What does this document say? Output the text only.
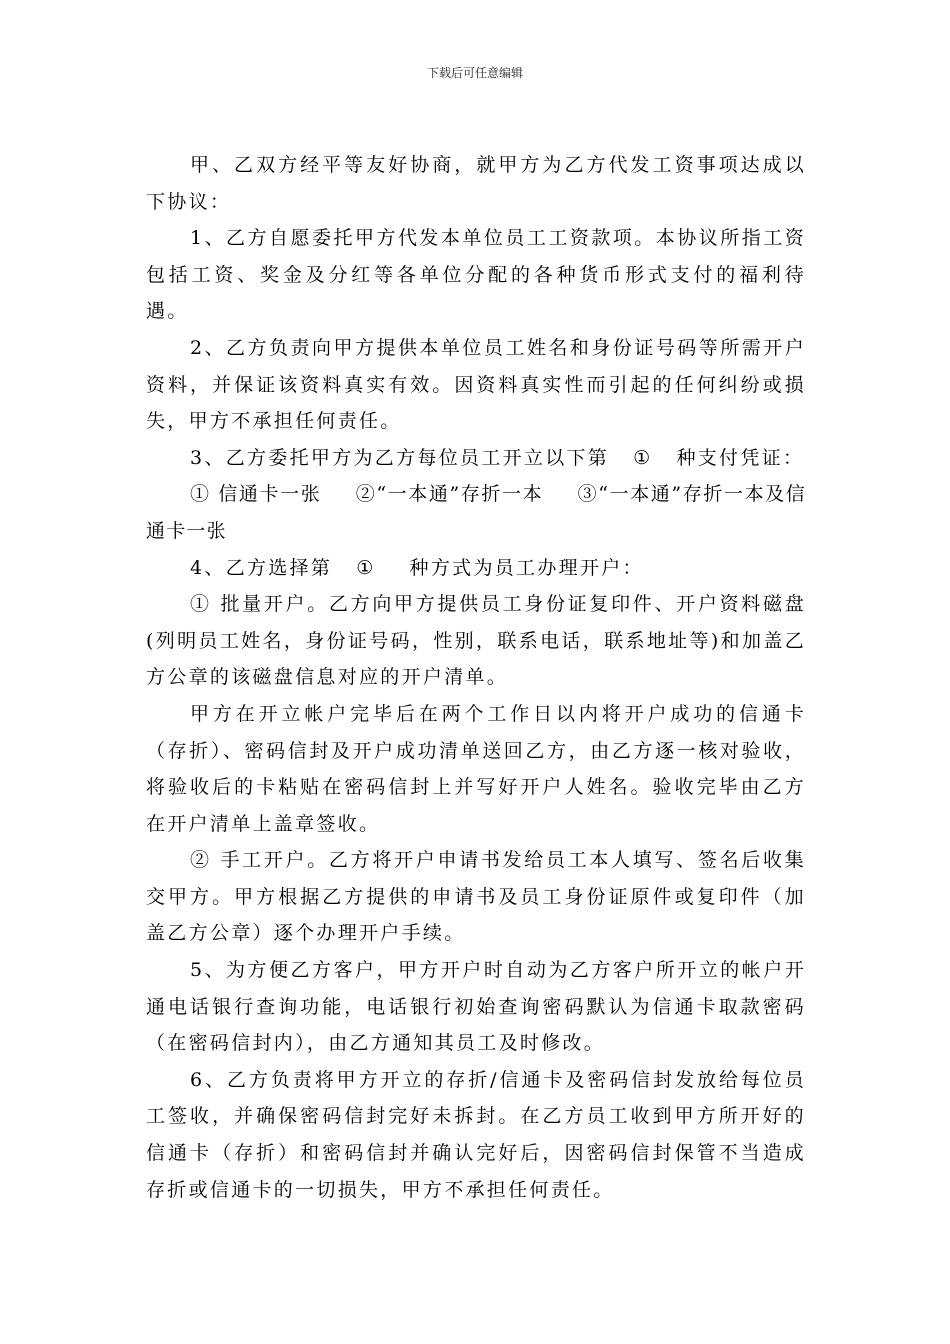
下载后可任意编辑

甲、乙双方经平等友好协商，就甲方为乙方代发工资事项达成以下协议：

1、乙方自愿委托甲方代发本单位员工工资款项。本协议所指工资包括工资、奖金及分红等各单位分配的各种货币形式支付的福利待遇。

2、乙方负责向甲方提供本单位员工姓名和身份证号码等所需开户资料，并保证该资料真实有效。因资料真实性而引起的任何纠纷或损失，甲方不承担任何责任。

3、乙方委托甲方为乙方每位员工开立以下第 ① 种支付凭证：

① 信通卡一张 ②“一本通”存折一本 ③“一本通”存折一本及信通卡一张

4、乙方选择第 ① 种方式为员工办理开户：

① 批量开户。乙方向甲方提供员工身份证复印件、开户资料磁盘(列明员工姓名，身份证号码，性别，联系电话，联系地址等)和加盖乙方公章的该磁盘信息对应的开户清单。

甲方在开立帐户完毕后在两个工作日以内将开户成功的信通卡（存折）、密码信封及开户成功清单送回乙方，由乙方逐一核对验收，将验收后的卡粘贴在密码信封上并写好开户人姓名。验收完毕由乙方在开户清单上盖章签收。

② 手工开户。乙方将开户申请书发给员工本人填写、签名后收集交甲方。甲方根据乙方提供的申请书及员工身份证原件或复印件（加盖乙方公章）逐个办理开户手续。

5、为方便乙方客户，甲方开户时自动为乙方客户所开立的帐户开通电话银行查询功能，电话银行初始查询密码默认为信通卡取款密码（在密码信封内），由乙方通知其员工及时修改。

6、乙方负责将甲方开立的存折/信通卡及密码信封发放给每位员工签收，并确保密码信封完好未拆封。在乙方员工收到甲方所开好的信通卡（存折）和密码信封并确认完好后，因密码信封保管不当造成存折或信通卡的一切损失，甲方不承担任何责任。
